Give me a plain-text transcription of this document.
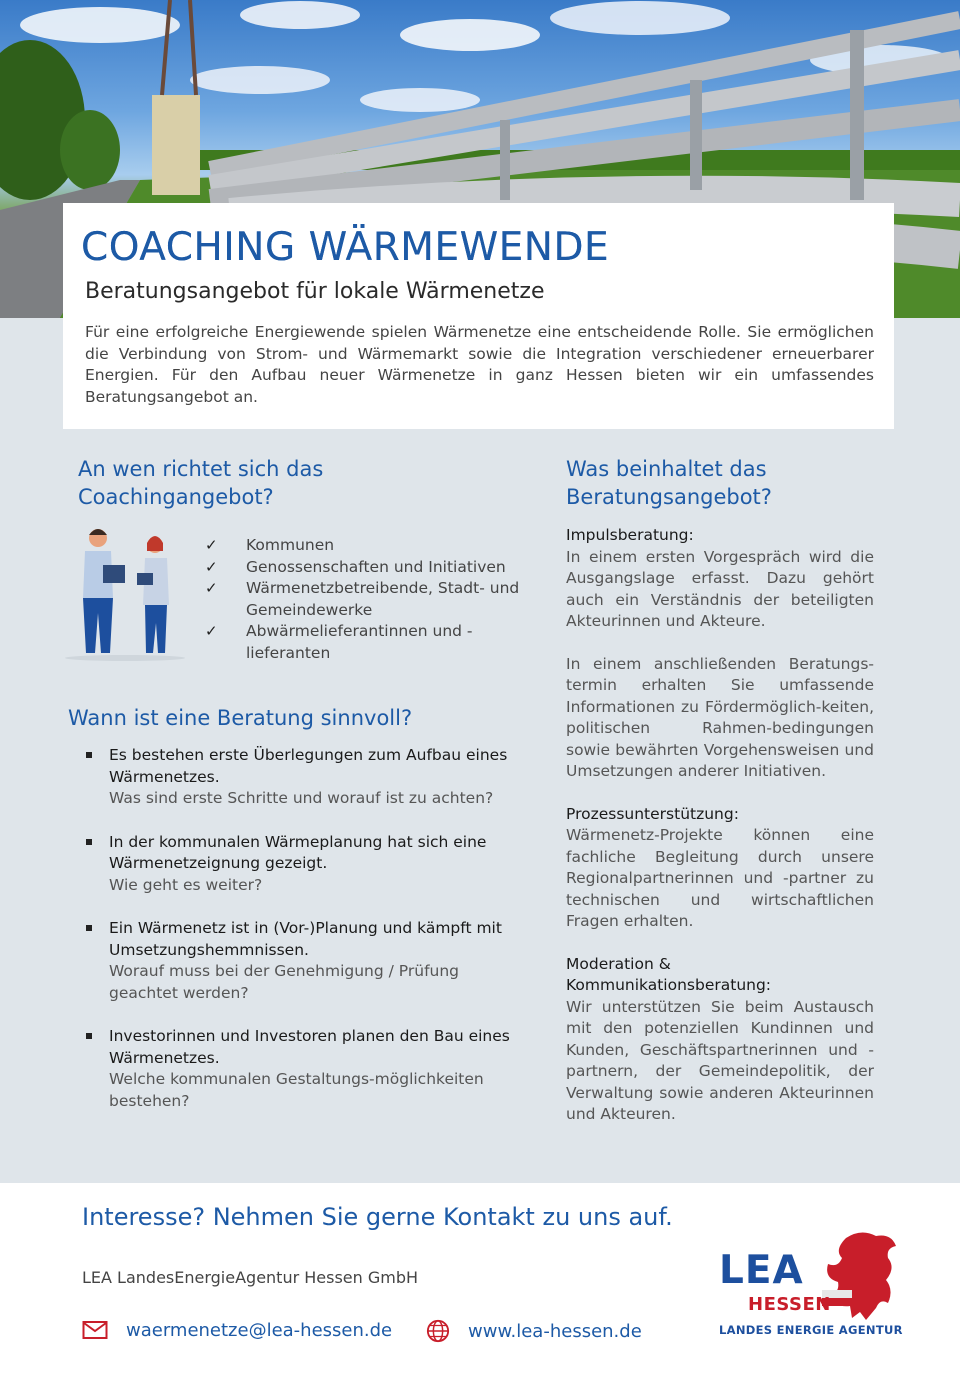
COACHING WÄRMEWENDE
Beratungsangebot für lokale Wärmenetze

Für eine erfolgreiche Energiewende spielen Wärmenetze eine entscheidende Rolle. Sie ermöglichen die Verbindung von Strom- und Wärmemarkt sowie die Integration verschiedener erneuerbarer Energien. Für den Aufbau neuer Wärmenetze in ganz Hessen bieten wir ein umfassendes Beratungsangebot an.

An wen richtet sich das
Coachingangebot?
✓ Kommunen
✓ Genossenschaften und Initiativen
✓ Wärmenetzbetreibende, Stadt- und Gemeindewerke
✓ Abwärmelieferantinnen und -lieferanten
Wann ist eine Beratung sinnvoll?
Es bestehen erste Überlegungen zum Aufbau eines Wärmenetzes.
Was sind erste Schritte und worauf ist zu achten?
In der kommunalen Wärmeplanung hat sich eine Wärmenetzeignung gezeigt.
Wie geht es weiter?
Ein Wärmenetz ist in (Vor-)Planung und kämpft mit Umsetzungshemmnissen.
Worauf muss bei der Genehmigung / Prüfung geachtet werden?
Investorinnen und Investoren planen den Bau eines Wärmenetzes.
Welche kommunalen Gestaltungs-möglichkeiten bestehen?
Was beinhaltet das
Beratungsangebot?
Impulsberatung:
In einem ersten Vorgespräch wird die Ausgangslage erfasst. Dazu gehört auch ein Verständnis der beteiligten Akteurinnen und Akteure.
In einem anschließenden Beratungs-termin erhalten Sie umfassende Informationen zu Fördermöglich-keiten, politischen Rahmen-bedingungen sowie bewährten Vorgehensweisen und Umsetzungen anderer Initiativen.
Prozessunterstützung:
Wärmenetz-Projekte können eine fachliche Begleitung durch unsere Regionalpartnerinnen und -partner zu technischen und wirtschaftlichen Fragen erhalten.
Moderation & Kommunikationsberatung:
Wir unterstützen Sie beim Austausch mit den potenziellen Kundinnen und Kunden, Geschäftspartnerinnen und -partnern, der Gemeindepolitik, der Verwaltung sowie anderen Akteurinnen und Akteuren.
Interesse? Nehmen Sie gerne Kontakt zu uns auf.
LEA LandesEnergieAgentur Hessen GmbH
waermenetze@lea-hessen.de	www.lea-hessen.de
LEA
HESSEN
LANDES ENERGIE AGENTUR
